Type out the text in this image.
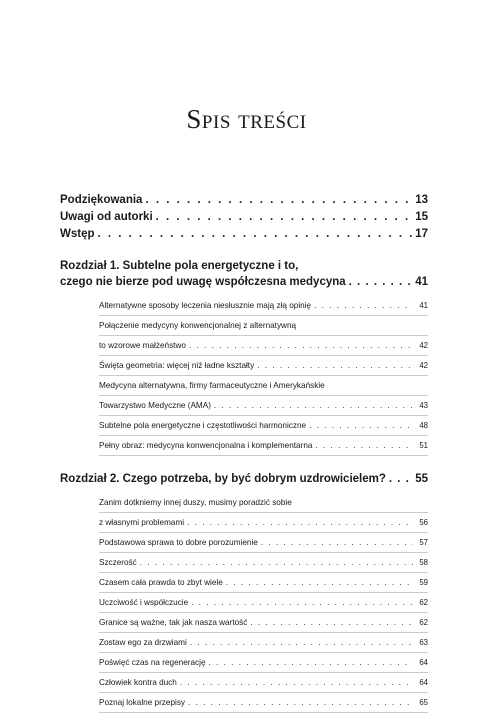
Spis treści
Podziękowania . . .	13
Uwagi od autorki . . .	15
Wstęp . . .	17
Rozdział 1. Subtelne pola energetyczne i to,
czego nie bierze pod uwagę współczesna medycyna . . .	41
Alternatywne sposoby leczenia niesłusznie mają złą opinię . . .	41
Połączenie medycyny konwencjonalnej z alternatywną
to wzorowe małżeństwo . . .	42
Święta geometria: więcej niż ładne kształty . . .	42
Medycyna alternatywna, firmy farmaceutyczne i Amerykańskie
Towarzystwo Medyczne (AMA) . . .	43
Subtelne pola energetyczne i częstotliwości harmoniczne . . .	48
Pełny obraz: medycyna konwencjonalna i komplementarna . . .	51
Rozdział 2. Czego potrzeba, by być dobrym uzdrowicielem? . . .	55
Zanim dotkniemy innej duszy, musimy poradzić sobie
z własnymi problemami . . .	56
Podstawowa sprawa to dobre porozumienie . . .	57
Szczerość . . .	58
Czasem cała prawda to zbyt wiele . . .	59
Uczciwość i współczucie . . .	62
Granice są ważne, tak jak nasza wartość . . .	62
Zostaw ego za drzwiami . . .	63
Poświęć czas na regenerację . . .	64
Człowiek kontra duch . . .	64
Poznaj lokalne przepisy . . .	65
